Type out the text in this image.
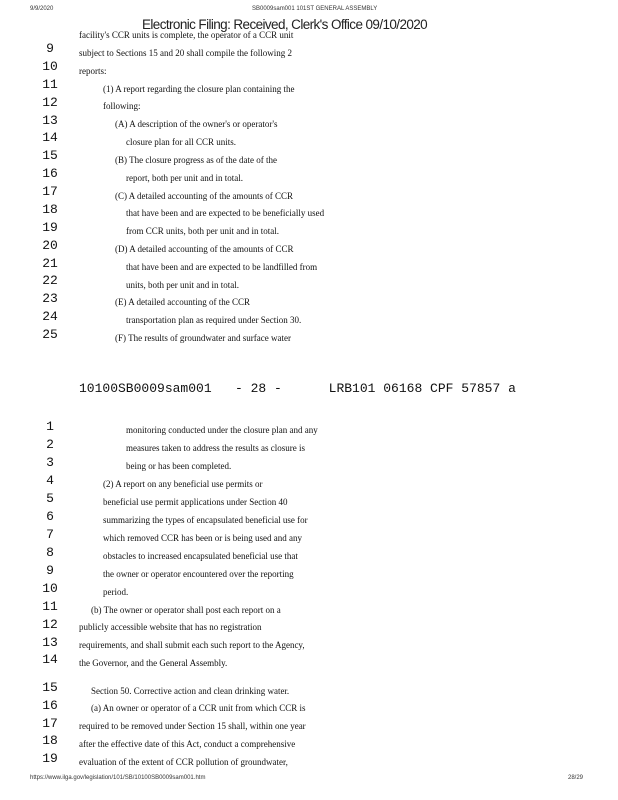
9/9/2020	SB0009sam001 101ST GENERAL ASSEMBLY
Electronic Filing: Received, Clerk's Office 09/10/2020
9
10
11
12
13
14
15
16
17
18
19
20
21
22
23
24
25
facility's CCR units is complete, the operator of a CCR unit
subject to Sections 15 and 20 shall compile the following 2
reports:
(1) A report regarding the closure plan containing the
following:
(A) A description of the owner's or operator's
closure plan for all CCR units.
(B) The closure progress as of the date of the
report, both per unit and in total.
(C) A detailed accounting of the amounts of CCR
that have been and are expected to be beneficially used
from CCR units, both per unit and in total.
(D) A detailed accounting of the amounts of CCR
that have been and are expected to be landfilled from
units, both per unit and in total.
(E) A detailed accounting of the CCR
transportation plan as required under Section 30.
(F) The results of groundwater and surface water
10100SB0009sam001   - 28 -      LRB101 06168 CPF 57857 a
1
2
3
4
5
6
7
8
9
10
11
12
13
14
15
16
17
18
19
monitoring conducted under the closure plan and any
measures taken to address the results as closure is
being or has been completed.
(2) A report on any beneficial use permits or
beneficial use permit applications under Section 40
summarizing the types of encapsulated beneficial use for
which removed CCR has been or is being used and any
obstacles to increased encapsulated beneficial use that
the owner or operator encountered over the reporting
period.
(b) The owner or operator shall post each report on a
publicly accessible website that has no registration
requirements, and shall submit each such report to the Agency,
the Governor, and the General Assembly.
Section 50. Corrective action and clean drinking water.
(a) An owner or operator of a CCR unit from which CCR is
required to be removed under Section 15 shall, within one year
after the effective date of this Act, conduct a comprehensive
evaluation of the extent of CCR pollution of groundwater,
https://www.ilga.gov/legislation/101/SB/10100SB0009sam001.htm	28/29
